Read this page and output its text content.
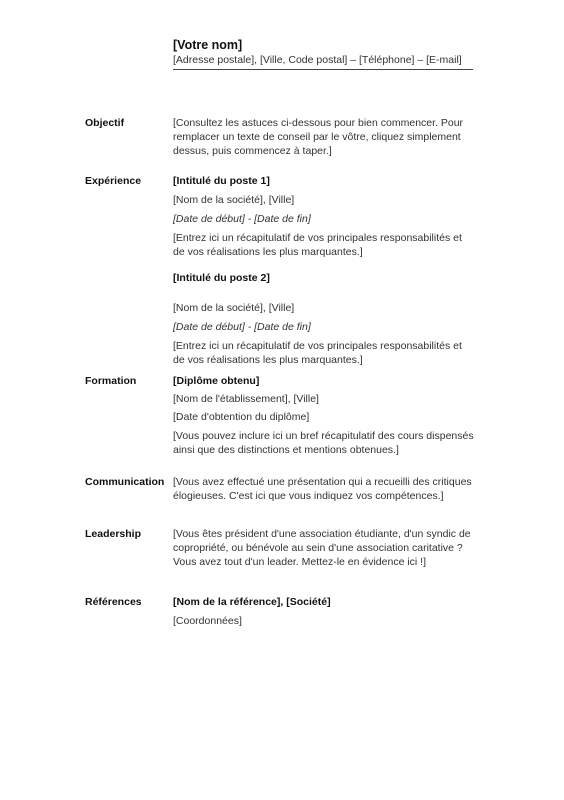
[Votre nom]
[Adresse postale], [Ville, Code postal] – [Téléphone] – [E-mail]
Objectif	[Consultez les astuces ci-dessous pour bien commencer. Pour remplacer un texte de conseil par le vôtre, cliquez simplement dessus, puis commencez à taper.]

Expérience	[Intitulé du poste 1]

[Nom de la société], [Ville]

[Date de début] - [Date de fin]

[Entrez ici un récapitulatif de vos principales responsabilités et de vos réalisations les plus marquantes.]

[Intitulé du poste 2]

[Nom de la société], [Ville]

[Date de début] - [Date de fin]

[Entrez ici un récapitulatif de vos principales responsabilités et de vos réalisations les plus marquantes.]

Formation	[Diplôme obtenu]

[Nom de l'établissement], [Ville]

[Date d'obtention du diplôme]

[Vous pouvez inclure ici un bref récapitulatif des cours dispensés ainsi que des distinctions et mentions obtenues.]

Communication [Vous avez effectué une présentation qui a recueilli des critiques élogieuses. C'est ici que vous indiquez vos compétences.]

Leadership	[Vous êtes président d'une association étudiante, d'un syndic de copropriété, ou bénévole au sein d'une association caritative ? Vous avez tout d'un leader. Mettez-le en évidence ici !]

Références	[Nom de la référence], [Société]

[Coordonnées]
